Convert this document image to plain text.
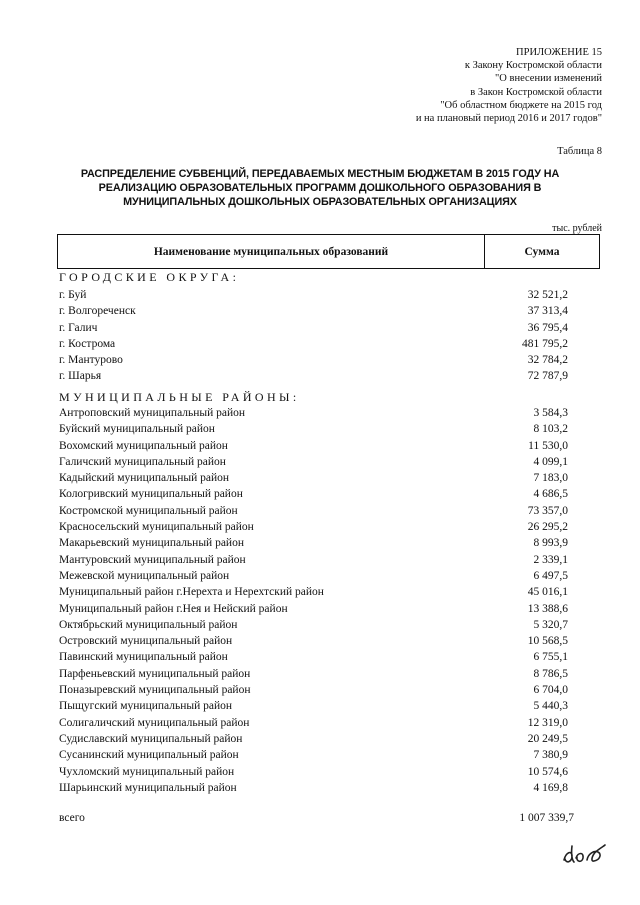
ПРИЛОЖЕНИЕ 15
к Закону Костромской области
"О внесении изменений
в Закон Костромской области
"Об областном бюджете на 2015 год
и на плановый период 2016 и 2017 годов"
Таблица 8
РАСПРЕДЕЛЕНИЕ СУБВЕНЦИЙ, ПЕРЕДАВАЕМЫХ МЕСТНЫМ БЮДЖЕТАМ В 2015 ГОДУ НА
РЕАЛИЗАЦИЮ ОБРАЗОВАТЕЛЬНЫХ ПРОГРАММ ДОШКОЛЬНОГО ОБРАЗОВАНИЯ В
МУНИЦИПАЛЬНЫХ ДОШКОЛЬНЫХ ОБРАЗОВАТЕЛЬНЫХ ОРГАНИЗАЦИЯХ
тыс. рублей
Наименование муниципальных образований	Сумма
ГОРОДСКИЕ ОКРУГА:
г. Буй	32 521,2
г. Волгореченск	37 313,4
г. Галич	36 795,4
г. Кострома	481 795,2
г. Мантурово	32 784,2
г. Шарья	72 787,9
МУНИЦИПАЛЬНЫЕ РАЙОНЫ:
Антроповский муниципальный район	3 584,3
Буйский муниципальный район	8 103,2
Вохомский муниципальный район	11 530,0
Галичский муниципальный район	4 099,1
Кадыйский муниципальный район	7 183,0
Кологривский муниципальный район	4 686,5
Костромской муниципальный район	73 357,0
Красносельский муниципальный район	26 295,2
Макарьевский муниципальный район	8 993,9
Мантуровский муниципальный район	2 339,1
Межевской муниципальный район	6 497,5
Муниципальный район г.Нерехта и Нерехтский район	45 016,1
Муниципальный район г.Нея и Нейский район	13 388,6
Октябрьский муниципальный район	5 320,7
Островский муниципальный район	10 568,5
Павинский муниципальный район	6 755,1
Парфеньевский муниципальный район	8 786,5
Поназыревский муниципальный район	6 704,0
Пыщугский муниципальный район	5 440,3
Солигаличский муниципальный район	12 319,0
Судиславский муниципальный район	20 249,5
Сусанинский муниципальный район	7 380,9
Чухломский муниципальный район	10 574,6
Шарьинский муниципальный район	4 169,8
всего	1 007 339,7
